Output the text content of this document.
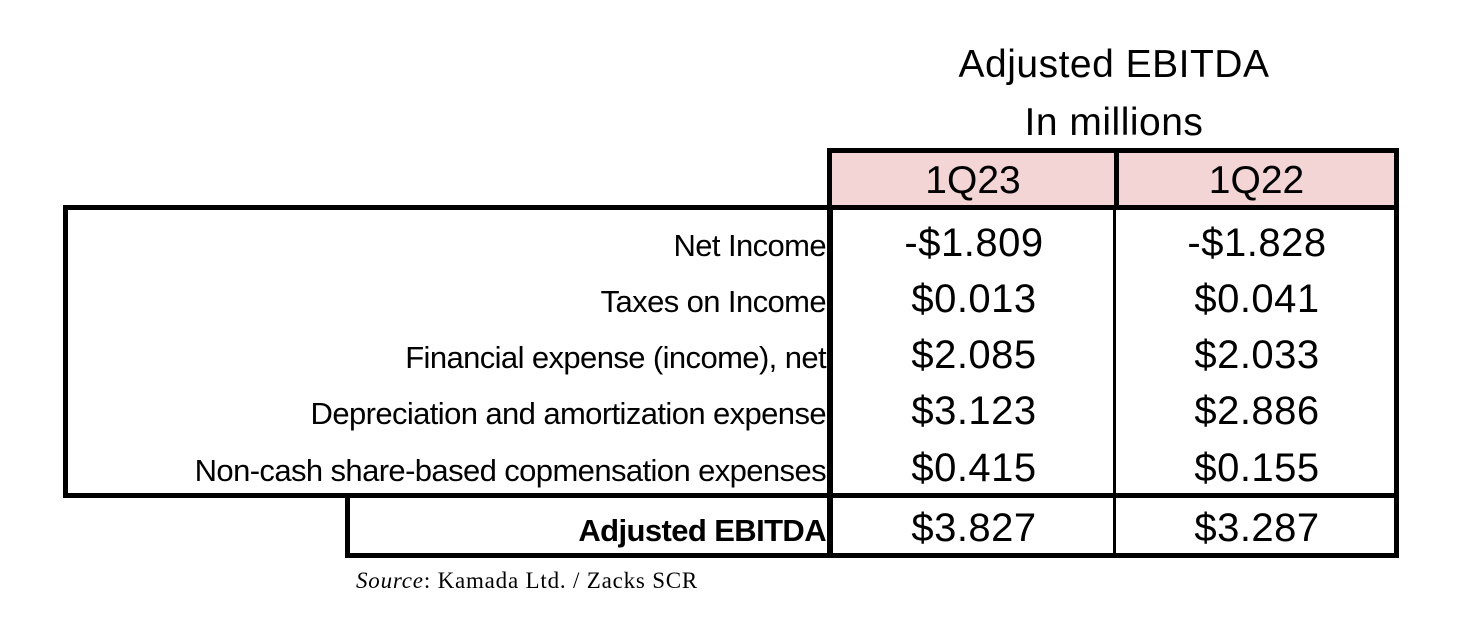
Adjusted EBITDA
In millions
1Q23	1Q22
Net Income
Taxes on Income
Financial expense (income), net
Depreciation and amortization expense
Non-cash share-based copmensation expenses
Adjusted EBITDA
-$1.809
$0.013
$2.085
$3.123
$0.415
$3.827
-$1.828
$0.041
$2.033
$2.886
$0.155
$3.287
Source: Kamada Ltd. / Zacks SCR
